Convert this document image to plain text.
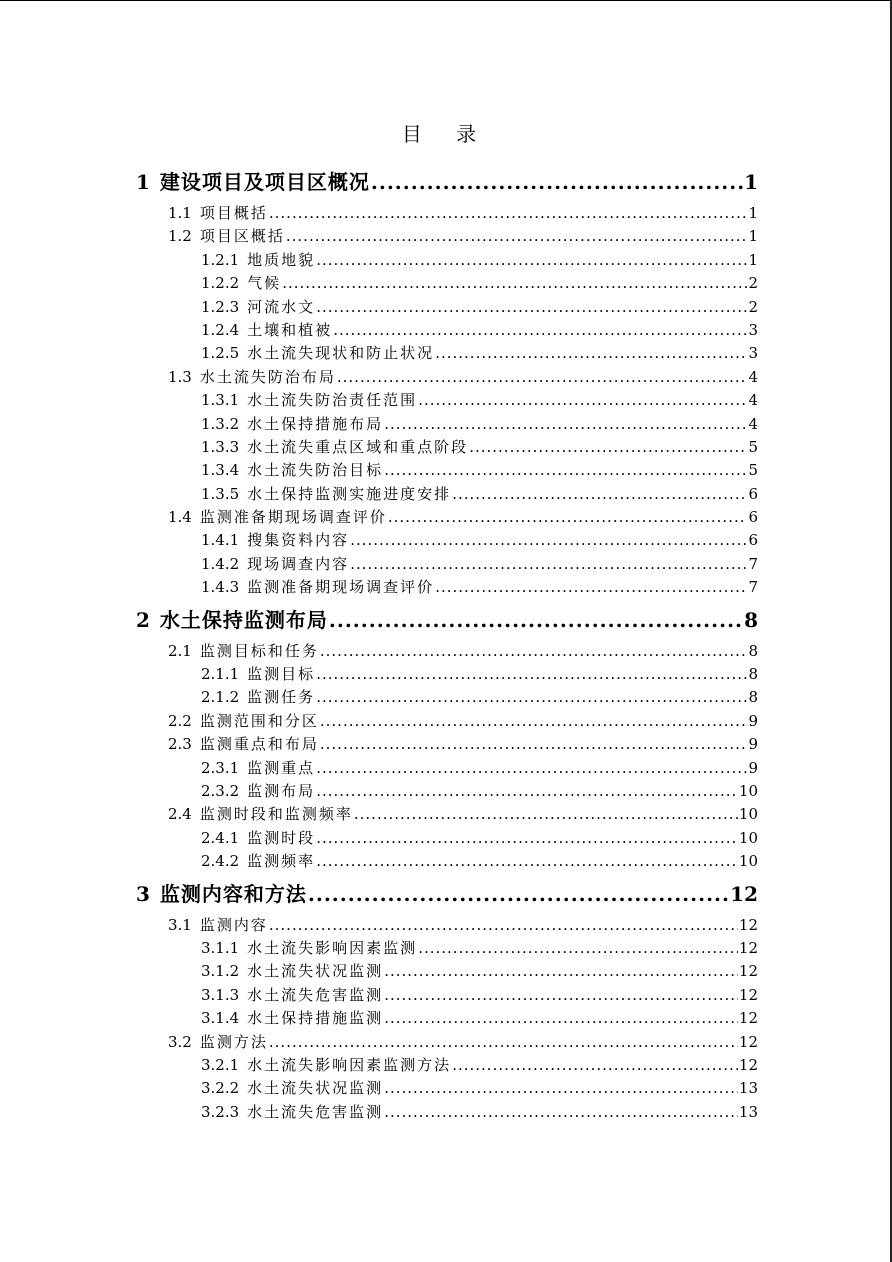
目 录
1 建设项目及项目区概况 .....	1
1.1 项目概括 .....	1
1.2 项目区概括 .....	1
1.2.1 地质地貌 .....	1
1.2.2 气候 .....	2
1.2.3 河流水文 .....	2
1.2.4 土壤和植被 .....	3
1.2.5 水土流失现状和防止状况 .....	3
1.3 水土流失防治布局 .....	4
1.3.1 水土流失防治责任范围 .....	4
1.3.2 水土保持措施布局 .....	4
1.3.3 水土流失重点区域和重点阶段 .....	5
1.3.4 水土流失防治目标 .....	5
1.3.5 水土保持监测实施进度安排 .....	6
1.4 监测准备期现场调查评价 .....	6
1.4.1 搜集资料内容 .....	6
1.4.2 现场调查内容 .....	7
1.4.3 监测准备期现场调查评价 .....	7
2 水土保持监测布局 .....	8
2.1 监测目标和任务 .....	8
2.1.1 监测目标 .....	8
2.1.2 监测任务 .....	8
2.2 监测范围和分区 .....	9
2.3 监测重点和布局 .....	9
2.3.1 监测重点 .....	9
2.3.2 监测布局 .....	10
2.4 监测时段和监测频率 .....	10
2.4.1 监测时段 .....	10
2.4.2 监测频率 .....	10
3 监测内容和方法 .....	12
3.1 监测内容 .....	12
3.1.1 水土流失影响因素监测 .....	12
3.1.2 水土流失状况监测 .....	12
3.1.3 水土流失危害监测 .....	12
3.1.4 水土保持措施监测 .....	12
3.2 监测方法 .....	12
3.2.1 水土流失影响因素监测方法 .....	12
3.2.2 水土流失状况监测 .....	13
3.2.3 水土流失危害监测 .....	13
